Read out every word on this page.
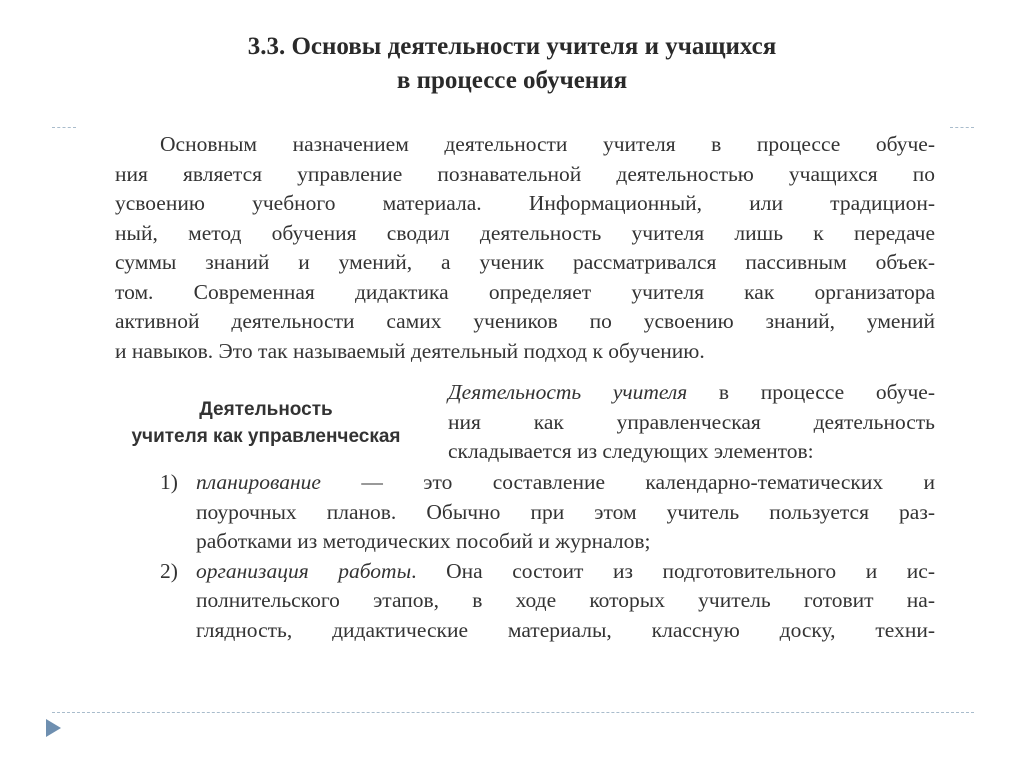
3.3. Основы деятельности учителя и учащихся
в процессе обучения
Основным назначением деятельности учителя в процессе обуче-
ния является управление познавательной деятельностью учащихся по
усвоению учебного материала. Информационный, или традицион-
ный, метод обучения сводил деятельность учителя лишь к передаче
суммы знаний и умений, а ученик рассматривался пассивным объек-
том. Современная дидактика определяет учителя как организатора
активной деятельности самих учеников по усвоению знаний, умений
и навыков. Это так называемый деятельный подход к обучению.
Деятельность
учителя как управленческая
Деятельность учителя в процессе обуче-
ния как управленческая деятельность
складывается из следующих элементов:
1) планирование — это составление календарно-тематических и
поурочных планов. Обычно при этом учитель пользуется раз-
работками из методических пособий и журналов;
2) организация работы. Она состоит из подготовительного и ис-
полнительского этапов, в ходе которых учитель готовит на-
глядность, дидактические материалы, классную доску, техни-
